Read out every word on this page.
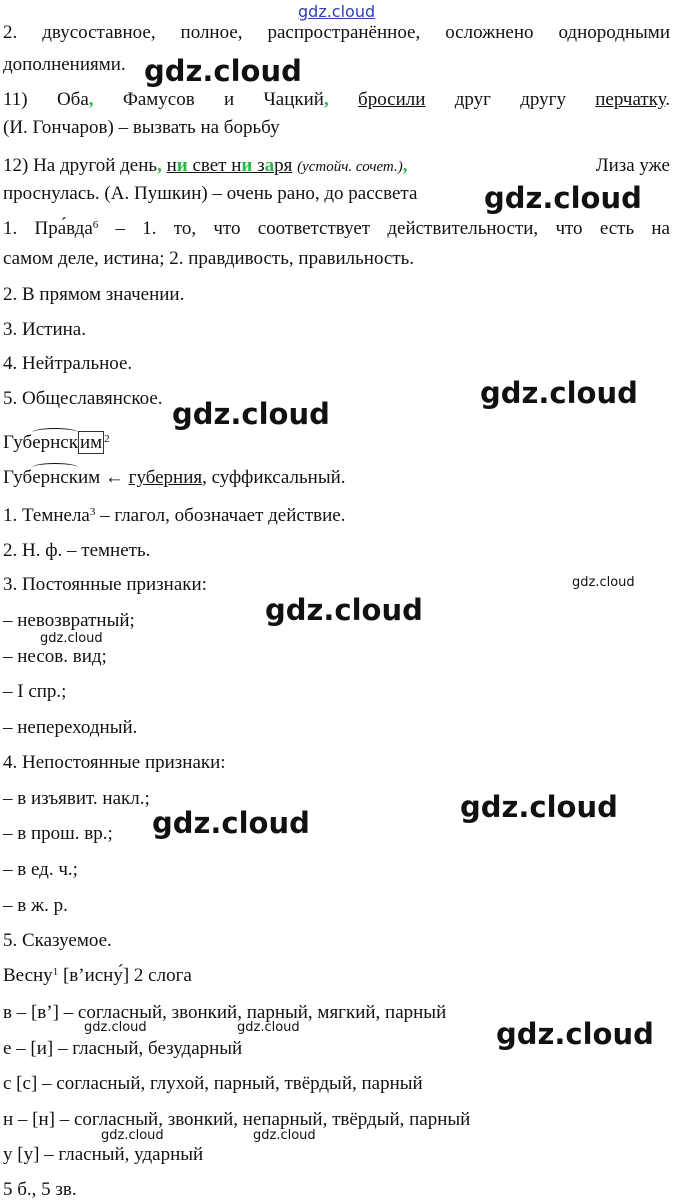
gdz.cloud
gdz.cloud
gdz.cloud
gdz.cloud
gdz.cloud
gdz.cloud
gdz.cloud
gdz.cloud
gdz.cloud
gdz.cloud
gdz.cloud	gdz.cloud	gdz.cloud
gdz.cloud	gdz.cloud
2. двусоставное, полное, распространённое, осложнено однородными
дополнениями.
11) Оба, Фамусов и Чацкий, бросили друг другу перчатку.
(И. Гончаров) – вызвать на борьбу
12) На другой день, ни свет ни заря (устойч. сочет.),	Лиза уже
проснулась. (А. Пушкин) – очень рано, до рассвета
1. Пра́вда$^6$ – 1. то, что соответствует действительности, что есть на
самом деле, истина; 2. правдивость, правильность.
2. В прямом значении.
3. Истина.
4. Нейтральное.
5. Общеславянское.
Губернск им $^2$
Губернским ← губерния, суффиксальный.
1. Темнела$^3$ – глагол, обозначает действие.
2. Н. ф. – темнеть.
3. Постоянные признаки:
– невозвратный;
– несов. вид;
– I спр.;
– непереходный.
4. Непостоянные признаки:
– в изъявит. накл.;
– в прош. вр.;
– в ед. ч.;
– в ж. р.
5. Сказуемое.
Весну$^1$ [в’исну́] 2 слога
в – [в’] – согласный, звонкий, парный, мягкий, парный
е – [и] – гласный, безударный
с [с] – согласный, глухой, парный, твёрдый, парный
н – [н] – согласный, звонкий, непарный, твёрдый, парный
у [у] – гласный, ударный
5 б., 5 зв.
